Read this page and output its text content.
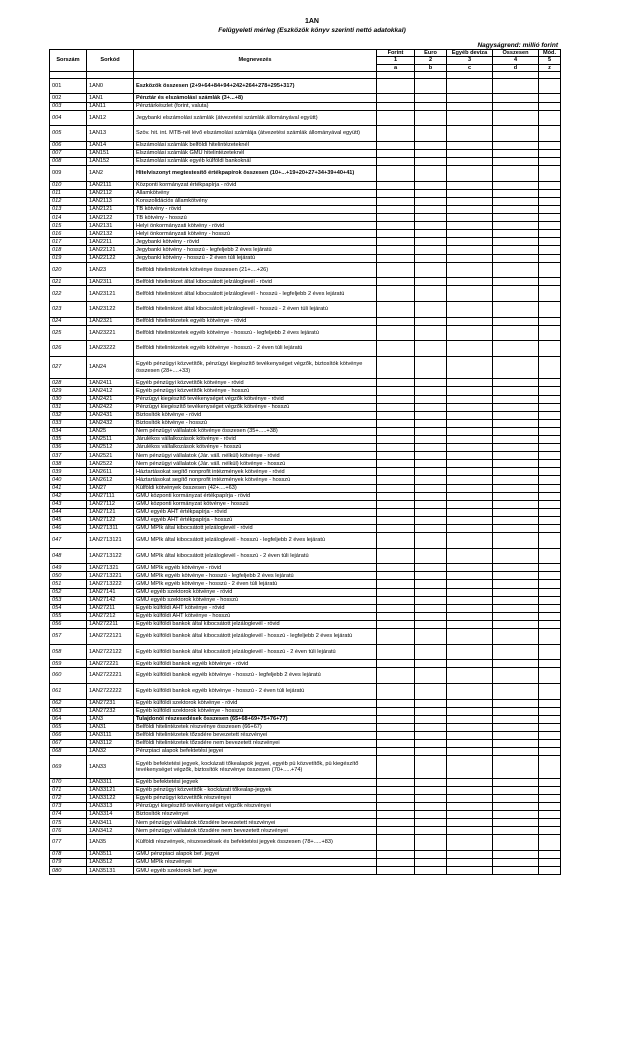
1AN
Felügyeleti mérleg (Eszközök könyv szerinti nettó adatokkal)
Nagyságrend: millió forint
Sorszám	Sorkód	Megnevezés	Forint	Euro	Egyéb deviza	Összesen	Mód.
			1	2	3	4	5
			a	b	c	d	z

001	1AN0	Eszközök összesen (2+9+64+84+94+242+264+278+295+317)					
002	1AN1	Pénztár és elszámolási számlák (3+...+8)					
003	1AN11	Pénztárkészlet (forint, valuta)					
004	1AN12	Jegybanki elszámolási számlák (átvezetési számlák állományával együtt)					
005	1AN13	Szöv. hit. int. MTB-nél lévő elszámolási számlája (átvezetési számlák állományával együtt)					
006	1AN14	Elszámolási számlák belföldi hitelintézeteknél					
007	1AN151	Elszámolási számlák GMU hitelintézeteknél					
008	1AN152	Elszámolási számlák egyéb külföldi bankoknál					
009	1AN2	Hitelviszonyt megtestesítő értékpapírok összesen (10+...+19+20+27+34+39+40+41)					
010	1AN2111	Központi kormányzat értékpapírja - rövid					
011	1AN2112	Államkötvény					
012	1AN2113	Konszolidációs államkötvény					
013	1AN2121	TB kötvény - rövid					
014	1AN2122	TB kötvény - hosszú					
015	1AN2131	Helyi önkormányzati kötvény - rövid					
016	1AN2132	Helyi önkormányzati kötvény - hosszú					
017	1AN2211	Jegybanki kötvény - rövid					
018	1AN22121	Jegybanki kötvény - hosszú - legfeljebb 2 éves lejáratú					
019	1AN22122	Jegybanki kötvény - hosszú - 2 éven túli lejáratú					
020	1AN23	Belföldi hitelintézetek kötvénye összesen (21+....+26)					
021	1AN2311	Belföldi hitelintézet által kibocsátott jelzáloglevél - rövid					
022	1AN23121	Belföldi hitelintézet által kibocsátott jelzáloglevél - hosszú - legfeljebb 2 éves lejáratú					
023	1AN23122	Belföldi hitelintézet által kibocsátott jelzáloglevél - hosszú - 2 éven túli lejáratú					
024	1AN2321	Belföldi hitelintézetek egyéb kötvénye - rövid					
025	1AN23221	Belföldi hitelintézetek egyéb kötvénye - hosszú - legfeljebb 2 éves lejáratú					
026	1AN23222	Belföldi hitelintézetek egyéb kötvénye - hosszú - 2 éven túli lejáratú					
027	1AN24	Egyéb pénzügyi közvetítők, pénzügyi kiegészítő tevékenységet végzők, biztosítók kötvénye összesen (28+....+33)					
028	1AN2411	Egyéb pénzügyi közvetítők kötvénye - rövid					
029	1AN2412	Egyéb pénzügyi közvetítők kötvénye - hosszú					
030	1AN2421	Pénzügyi kiegészítő tevékenységet végzők kötvénye - rövid					
031	1AN2422	Pénzügyi kiegészítő tevékenységet végzők kötvénye - hosszú					
032	1AN2431	Biztosítók kötvénye - rövid					
033	1AN2432	Biztosítók kötvénye - hosszú					
034	1AN25	Nem pénzügyi vállalatok kötvénye összesen (35+.....+38)					
035	1AN2511	Járulékos vállalkozások kötvénye - rövid					
036	1AN2512	Járulékos vállalkozások kötvénye - hosszú					
037	1AN2521	Nem pénzügyi vállalatok (Jár. váll. nélkül) kötvénye - rövid					
038	1AN2522	Nem pénzügyi vállalatok (Jár. váll. nélkül) kötvénye - hosszú					
039	1AN2611	Háztartásokat segítő nonprofit intézmények kötvénye - rövid					
040	1AN2612	Háztartásokat segítő nonprofit intézmények kötvénye - hosszú					
041	1AN27	Külföldi kötvények összesen (42+....+63)					
042	1AN27111	GMU központi kormányzat értékpapírja - rövid					
043	1AN27112	GMU központi kormányzat kötvénye - hosszú					
044	1AN27121	GMU egyéb ÁHT értékpapírja - rövid					
045	1AN27122	GMU egyéb ÁHT értékpapírja - hosszú					
046	1AN271311	GMU MPIk által kibocsátott jelzáloglevél - rövid					
047	1AN2713121	GMU MPIk által kibocsátott jelzáloglevél - hosszú - legfeljebb 2 éves lejáratú					
048	1AN2713122	GMU MPIk által kibocsátott jelzáloglevél - hosszú - 2 éven túli lejáratú					
049	1AN271321	GMU MPIk egyéb kötvénye - rövid					
050	1AN2713221	GMU MPIk egyéb kötvénye - hosszú - legfeljebb 2 éves lejáratú					
051	1AN2713222	GMU MPIk egyéb kötvénye - hosszú - 2 éven túli lejáratú					
052	1AN27141	GMU egyéb szektorok kötvénye - rövid					
053	1AN27142	GMU egyéb szektorok kötvénye - hosszú					
054	1AN27211	Egyéb külföldi ÁHT kötvénye - rövid					
055	1AN27212	Egyéb külföldi ÁHT kötvénye - hosszú					
056	1AN272211	Egyéb külföldi bankok által kibocsátott jelzáloglevél - rövid					
057	1AN2722121	Egyéb külföldi bankok által kibocsátott jelzáloglevél - hosszú - legfeljebb 2 éves lejáratú					
058	1AN2722122	Egyéb külföldi bankok által kibocsátott jelzáloglevél - hosszú - 2 éven túli lejáratú					
059	1AN272221	Egyéb külföldi bankok egyéb kötvénye - rövid					
060	1AN2722221	Egyéb külföldi bankok egyéb kötvénye - hosszú - legfeljebb 2 éves lejáratú					
061	1AN2722222	Egyéb külföldi bankok egyéb kötvénye - hosszú - 2 éven túli lejáratú					
062	1AN27231	Egyéb külföldi szektorok kötvénye - rövid					
063	1AN27232	Egyéb külföldi szektorok kötvénye - hosszú					
064	1AN3	Tulajdonói részesedések összesen (65+68+69+75+76+77)					
065	1AN31	Belföldi hitelintézetek részvénye összesen (66+67)					
066	1AN3111	Belföldi hitelintézetek tőzsdére bevezetett részvényei					
067	1AN3112	Belföldi hitelintézetek tőzsdére nem bevezetett részvényei					
068	1AN32	Pénzpiaci alapok befektetési jegyei					
069	1AN33	Egyéb befektetési jegyek, kockázati tőkealapok jegyei, egyéb pü közvetítők, pü kiegészítő tevékenységet végzők, biztosítók részvénye összesen (70+.....+74)					
070	1AN3311	Egyéb befektetési jegyek					
071	1AN33121	Egyéb pénzügyi közvetítők - kockázati tőkealap-jegyek					
072	1AN33122	Egyéb pénzügyi közvetítők részvényei					
073	1AN3313	Pénzügyi kiegészítő tevékenységet végzők részvényei					
074	1AN3314	Biztosítók részvényei					
075	1AN3411	Nem pénzügyi vállalatok tőzsdére bevezetett részvényei					
076	1AN3412	Nem pénzügyi vállalatok tőzsdére nem bevezetett részvényei					
077	1AN35	Külföldi részvények, részesedések és befektetési jegyek összesen (78+.....+83)					
078	1AN3511	GMU pénzpiaci alapok bef. jegyei					
079	1AN3512	GMU MPIk részvényei					
080	1AN35131	GMU egyéb szektorok bef. jegye					
